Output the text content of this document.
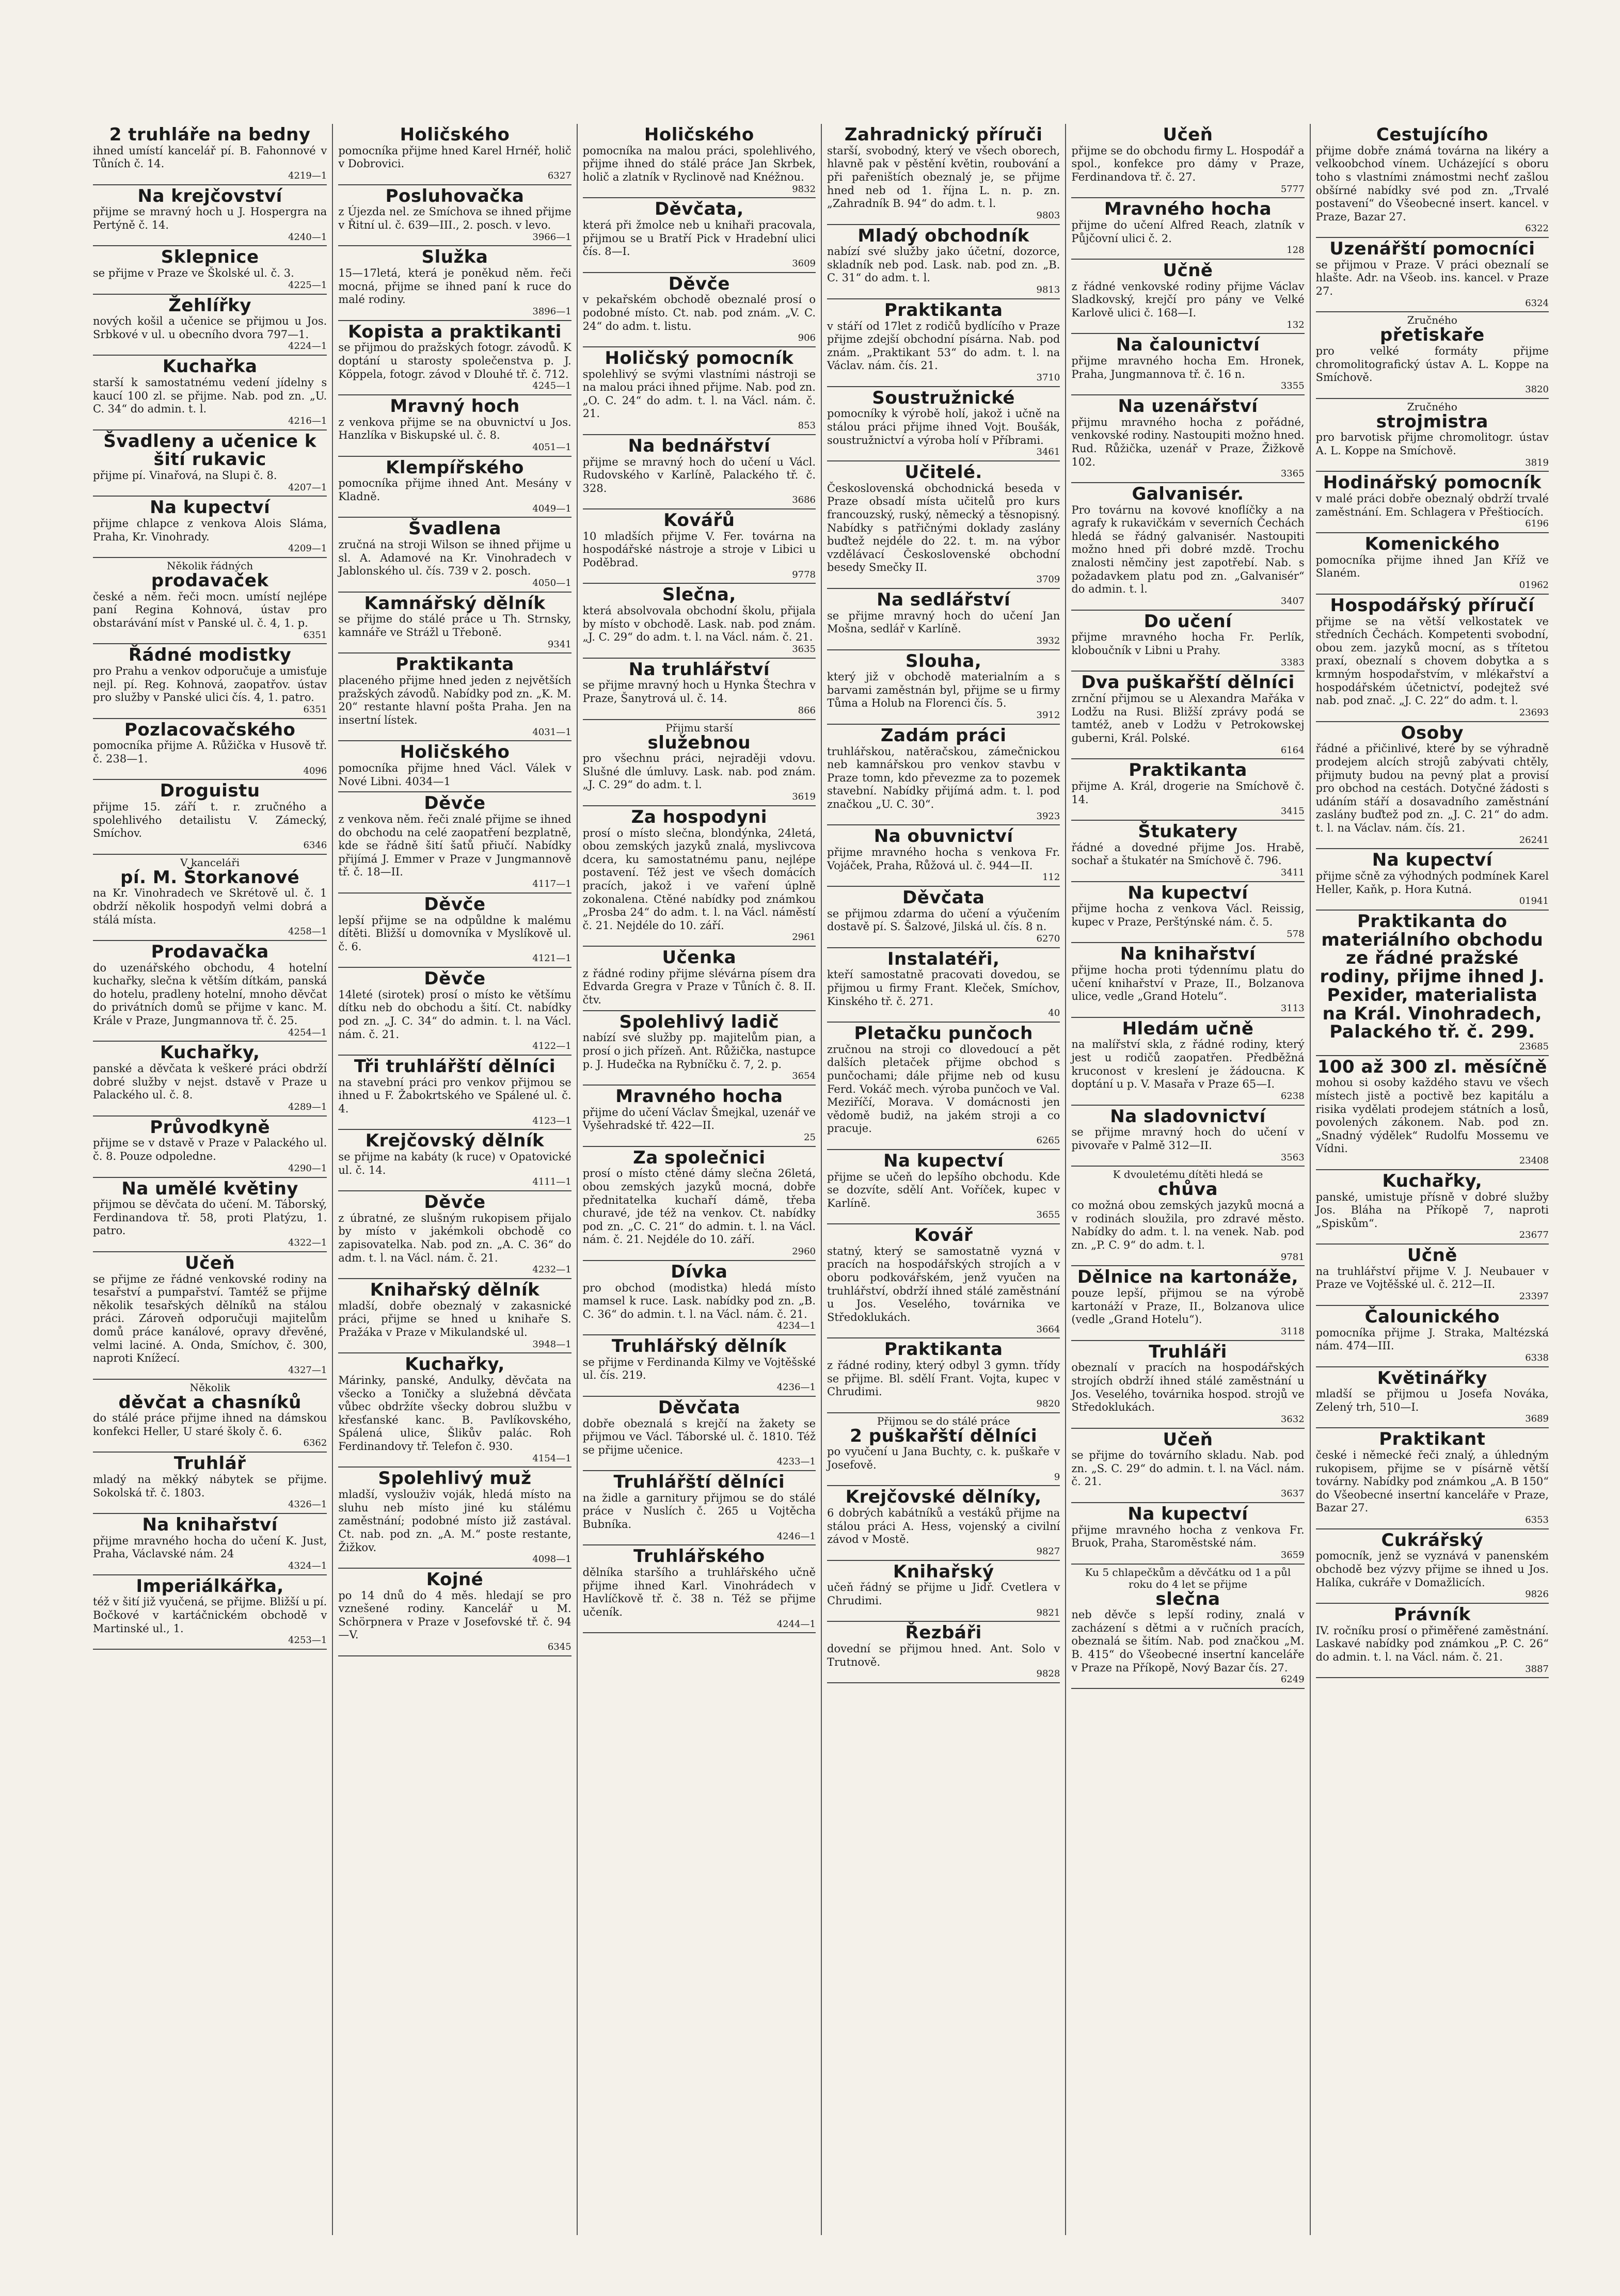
2 truhláře na bedny
ihned umístí kancelář pí. B. Fahonnové v Tůních č. 14.
4219—1
Na krejčovství
přijme se mravný hoch u J. Hospergra na Pertýně č. 14.
4240—1
Sklepnice
se přijme v Praze ve Školské ul. č. 3.
4225—1
Žehlířky
nových košil a učenice se přijmou u Jos. Srbkové v ul. u obecního dvora 797—1.
4224—1
Kuchařka
starší k samostatnému vedení jídelny s kaucí 100 zl. se přijme. Nab. pod zn. „U. C. 34“ do admin. t. l.
4216—1
Švadleny a učenice k šití rukavic
přijme pí. Vinařová, na Slupi č. 8.
4207—1
Na kupectví
přijme chlapce z venkova Alois Sláma, Praha, Kr. Vinohrady.
4209—1
Několik řádných
prodavaček
české a něm. řeči mocn. umístí nejlépe paní Regina Kohnová, ústav pro obstarávání míst v Panské ul. č. 4, 1. p.
6351
Řádné modistky
pro Prahu a venkov odporučuje a umisťuje nejl. pí. Reg. Kohnová, zaopatřov. ústav pro služby v Panské ulici čís. 4, 1. patro.
6351
Pozlacovačského
pomocníka přijme A. Růžička v Husově tř. č. 238—1.
4096
Droguistu
přijme 15. září t. r. zručného a spolehlivého detailistu V. Zámecký, Smíchov.
6346
V kanceláři
pí. M. Štorkanové
na Kr. Vinohradech ve Skrétově ul. č. 1 obdrží několik hospodyň velmi dobrá a stálá místa.
4258—1
Prodavačka
do uzenářského obchodu, 4 hotelní kuchařky, slečna k větším dítkám, panská do hotelu, pradleny hotelní, mnoho děvčat do privátních domů se přijme v kanc. M. Krále v Praze, Jungmannova tř. č. 25.
4254—1
Kuchařky,
panské a děvčata k veškeré práci obdrží dobré služby v nejst. dstavě v Praze u Palackého ul. č. 8.
4289—1
Průvodkyně
přijme se v dstavě v Praze v Palackého ul. č. 8. Pouze odpoledne.
4290—1
Na umělé květiny
přijmou se děvčata do učení. M. Táborský, Ferdinandova tř. 58, proti Platýzu, 1. patro.
4322—1
Učeň
se přijme ze řádné venkovské rodiny na tesařství a pumpařství. Tamtéž se přijme několik tesařských dělníků na stálou práci. Zároveň odporučuji majitelům domů práce kanálové, opravy dřevěné, velmi laciné. A. Onda, Smíchov, č. 300, naproti Knížecí.
4327—1
Několik
děvčat a chasníků
do stálé práce přijme ihned na dámskou konfekci Heller, U staré školy č. 6.
6362
Truhlář
mladý na měkký nábytek se přijme. Sokolská tř. č. 1803.
4326—1
Na knihařství
přijme mravného hocha do učení K. Just, Praha, Václavské nám. 24
4324—1
Imperiálkářka,
též v šití již vyučená, se přijme. Bližší u pí. Bočkové v kartáčnickém obchodě v Martinské ul., 1.
4253—1
Holičského
pomocníka přijme hned Karel Hrnéř, holič v Dobrovici.
6327
Posluhovačka
z Újezda nel. ze Smíchova se ihned přijme v Řitní ul. č. 639—III., 2. posch. v levo.
3966—1
Služka
15—17letá, která je poněkud něm. řeči mocná, přijme se ihned paní k ruce do malé rodiny.
3896—1
Kopista a praktikanti
se přijmou do pražských fotogr. závodů. K doptání u starosty společenstva p. J. Köppela, fotogr. závod v Dlouhé tř. č. 712.
4245—1
Mravný hoch
z venkova přijme se na obuvnictví u Jos. Hanzlíka v Biskupské ul. č. 8.
4051—1
Klempířského
pomocníka přijme ihned Ant. Mesány v Kladně.
4049—1
Švadlena
zručná na stroji Wilson se ihned přijme u sl. A. Adamové na Kr. Vinohradech v Jablonského ul. čís. 739 v 2. posch.
4050—1
Kamnářský dělník
se přijme do stálé práce u Th. Strnsky, kamnáře ve Strážl u Třeboně.
9341
Praktikanta
placeného přijme hned jeden z největších pražských závodů. Nabídky pod zn. „K. M. 20“ restante hlavní pošta Praha. Jen na insertní lístek.
4031—1
Holičského
pomocníka přijme hned Václ. Válek v Nové Libni. 4034—1
Děvče
z venkova něm. řeči znalé přijme se ihned do obchodu na celé zaopatření bezplatně, kde se řádně šití šatů přiučí. Nabídky přijímá J. Emmer v Praze v Jungmannově tř. č. 18—II.
4117—1
Děvče
lepší přijme se na odpůldne k malému dítěti. Bližší u domovníka v Myslíkově ul. č. 6.
4121—1
Děvče
14leté (sirotek) prosí o místo ke většímu dítku neb do obchodu a šití. Ct. nabídky pod zn. „J. C. 34“ do admin. t. l. na Václ. nám. č. 21.
4122—1
Tři truhlářští dělníci
na stavební práci pro venkov přijmou se ihned u F. Žabokrtského ve Spálené ul. č. 4.
4123—1
Krejčovský dělník
se přijme na kabáty (k ruce) v Opatovické ul. č. 14.
4111—1
Děvče
z úbratné, ze slušným rukopisem přijalo by místo v jakémkoli obchodě co zapisovatelka. Nab. pod zn. „A. C. 36“ do adm. t. l. na Václ. nám. č. 21.
4232—1
Knihařský dělník
mladší, dobře obeznalý v zakasnické práci, přijme se hned u knihaře S. Pražáka v Praze v Mikulandské ul.
3948—1
Kuchařky,
Márinky, panské, Andulky, děvčata na všecko a Toničky a služebná děvčata vůbec obdržíte všecky dobrou službu v křesťanské kanc. B. Pavlíkovského, Spálená ulice, Šlikův palác. Roh Ferdinandovy tř. Telefon č. 930.
4154—1
Spolehlivý muž
mladší, vyslouživ voják, hledá místo na sluhu neb místo jiné ku stálému zaměstnání; podobné místo již zastával. Ct. nab. pod zn. „A. M.“ poste restante, Žižkov.
4098—1
Kojné
po 14 dnů do 4 měs. hledají se pro vznešené rodiny. Kancelář u M. Schörpnera v Praze v Josefovské tř. č. 94—V.
6345
Holičského
pomocníka na malou práci, spolehlivého, přijme ihned do stálé práce Jan Skrbek, holič a zlatník v Ryclinově nad Knéžnou.
9832
Děvčata,
která při žmolce neb u knihaři pracovala, přijmou se u Bratří Pick v Hradební ulici čís. 8—I.
3609
Děvče
v pekařském obchodě obeznalé prosí o podobné místo. Ct. nab. pod znám. „V. C. 24“ do adm. t. listu.
906
Holičský pomocník
spolehlivý se svými vlastními nástroji se na malou práci ihned přijme. Nab. pod zn. „O. C. 24“ do adm. t. l. na Václ. nám. č. 21.
853
Na bednářství
přijme se mravný hoch do učení u Václ. Rudovského v Karlíně, Palackého tř. č. 328.
3686
Kovářů
10 mladších přijme V. Fer. továrna na hospodářské nástroje a stroje v Libici u Poděbrad.
9778
Slečna,
která absolvovala obchodní školu, přijala by místo v obchodě. Lask. nab. pod znám. „J. C. 29“ do adm. t. l. na Václ. nám. č. 21.
3635
Na truhlářství
se přijme mravný hoch u Hynka Štechra v Praze, Šanytrová ul. č. 14.
866
Přijmu starší
služebnou
pro všechnu práci, nejraději vdovu. Slušné dle úmluvy. Lask. nab. pod znám. „J. C. 29“ do adm. t. l.
3619
Za hospodyni
prosí o místo slečna, blondýnka, 24letá, obou zemských jazyků znalá, myslivcova dcera, ku samostatnému panu, nejlépe postavení. Též jest ve všech domácích pracích, jakož i ve vaření úplně zokonalena. Ctěné nabídky pod známkou „Prosba 24“ do adm. t. l. na Václ. náměstí č. 21. Nejdéle do 10. září.
2961
Učenka
z řádné rodiny přijme slévárna písem dra Edvarda Gregra v Praze v Tůních č. 8. II. čtv.
Spolehlivý ladič
nabízí své služby pp. majitelům pian, a prosí o jich přízeň. Ant. Růžička, nastupce p. J. Hudečka na Rybníčku č. 7, 2. p.
3654
Mravného hocha
přijme do učení Václav Šmejkal, uzenář ve Vyšehradské tř. 422—II.
25
Za společnici
prosí o místo ctěné dámy slečna 26letá, obou zemských jazyků mocná, dobře přednitatelka kuchaří dámě, třeba churavé, jde též na venkov. Ct. nabídky pod zn. „C. C. 21“ do admin. t. l. na Václ. nám. č. 21. Nejdéle do 10. září.
2960
Dívka
pro obchod (modistka) hledá místo mamsel k ruce. Lask. nabídky pod zn. „B. C. 36“ do admin. t. l. na Václ. nám. č. 21.
4234—1
Truhlářský dělník
se přijme v Ferdinanda Kilmy ve Vojtěšské ul. čís. 219.
4236—1
Děvčata
dobře obeznalá s krejčí na žakety se přijmou ve Václ. Táborské ul. č. 1810. Též se přijme učenice.
4233—1
Truhlářští dělníci
na židle a garnitury přijmou se do stálé práce v Nuslích č. 265 u Vojtěcha Bubníka.
4246—1
Truhlářského
dělníka staršího a truhlářského učně přijme ihned Karl. Vinohrádech v Havlíčkově tř. č. 38 n. Též se přijme učeník.
4244—1
Zahradnický příruči
starší, svobodný, který ve všech oborech, hlavně pak v pěstění květin, roubování a při pařeništích obeznalý je, se přijme hned neb od 1. října L. n. p. zn. „Zahradník B. 94“ do adm. t. l.
9803
Mladý obchodník
nabízí své služby jako účetní, dozorce, skladník neb pod. Lask. nab. pod zn. „B. C. 31“ do adm. t. l.
9813
Praktikanta
v stáří od 17let z rodičů bydlícího v Praze přijme zdejší obchodní písárna. Nab. pod znám. „Praktikant 53“ do adm. t. l. na Václav. nám. čís. 21.
3710
Soustružnické
pomocníky k výrobě holí, jakož i učně na stálou práci přijme ihned Vojt. Boušák, soustružnictví a výroba holí v Příbrami.
3461
Učitelé.
Československá obchodnická beseda v Praze obsadí místa učitelů pro kurs francouzský, ruský, německý a těsnopisný. Nabídky s patřičnými doklady zaslány buďtež nejdéle do 22. t. m. na výbor vzdělávací Československé obchodní besedy Smečky II.
3709
Na sedlářství
se přijme mravný hoch do učení Jan Mošna, sedlář v Karlíně.
3932
Slouha,
který již v obchodě materialním a s barvami zaměstnán byl, přijme se u firmy Tůma a Holub na Florenci čís. 5.
3912
Zadám práci
truhlářskou, natěračskou, zámečnickou neb kamnářskou pro venkov stavbu v Praze tomn, kdo převezme za to pozemek stavební. Nabídky přijímá adm. t. l. pod značkou „U. C. 30“.
3923
Na obuvnictví
přijme mravného hocha s venkova Fr. Vojáček, Praha, Růžová ul. č. 944—II.
112
Děvčata
se přijmou zdarma do učení a výučením dostavě pí. S. Šalzové, Jilská ul. čís. 8 n.
6270
Instalatéři,
kteří samostatně pracovati dovedou, se přijmou u firmy Frant. Kleček, Smíchov, Kinského tř. č. 271.
40
Pletačku punčoch
zručnou na stroji co dlovedoucí a pět dalších pletaček přijme obchod s punčochami; dále přijme neb od kusu Ferd. Vokáč mech. výroba punčoch ve Val. Meziříčí, Morava. V domácnosti jen vědomě budiž, na jakém stroji a co pracuje.
6265
Na kupectví
přijme se učeň do lepšího obchodu. Kde se dozvíte, sdělí Ant. Voříček, kupec v Karlíně.
3655
Kovář
statný, který se samostatně vyzná v pracích na hospodářských strojích a v oboru podkovářském, jenž vyučen na truhlářství, obdrží ihned stálé zaměstnání u Jos. Veselého, továrnika ve Středoklukách.
3664
Praktikanta
z řádné rodiny, který odbyl 3 gymn. třídy se přijme. Bl. sdělí Frant. Vojta, kupec v Chrudimi.
9820
Přijmou se do stálé práce
2 puškařští dělníci
po vyučení u Jana Buchty, c. k. puškaře v Josefově.
9
Krejčovské dělníky,
6 dobrých kabátníků a vestáků přijme na stálou práci A. Hess, vojenský a civilní závod v Mostě.
9827
Knihařský
učeň řádný se přijme u Jidř. Cvetlera v Chrudimi.
9821
Řezbáři
dovední se přijmou hned. Ant. Solo v Trutnově.
9828
Učeň
přijme se do obchodu firmy L. Hospodář a spol., konfekce pro dámy v Praze, Ferdinandova tř. č. 27.
5777
Mravného hocha
přijme do učení Alfred Reach, zlatník v Půjčovní ulici č. 2.
128
Učně
z řádné venkovské rodiny přijme Václav Sladkovský, krejčí pro pány ve Velké Karlově ulici č. 168—I.
132
Na čalounictví
přijme mravného hocha Em. Hronek, Praha, Jungmannova tř. č. 16 n.
3355
Na uzenářství
přijmu mravného hocha z pořádné, venkovské rodiny. Nastoupiti možno hned. Rud. Růžička, uzenář v Praze, Žižkově 102.
3365
Galvanisér.
Pro továrnu na kovové knoflíčky a na agrafy k rukavičkám v severních Čechách hledá se řádný galvanisér. Nastoupiti možno hned při dobré mzdě. Trochu znalosti němčiny jest zapotřebí. Nab. s požadavkem platu pod zn. „Galvanisér“ do admin. t. l.
3407
Do učení
přijme mravného hocha Fr. Perlík, kloboučník v Libni u Prahy.
3383
Dva puškařští dělníci
zrnční přijmou se u Alexandra Mařáka v Lodžu na Rusi. Bližší zprávy podá se tamtéž, aneb v Lodžu v Petrokowskej guberni, Král. Polské.
6164
Praktikanta
přijme A. Král, drogerie na Smíchově č. 14.
3415
Štukatery
řádné a dovedné přijme Jos. Hrabě, sochař a štukatér na Smíchově č. 796.
3411
Na kupectví
přijme hocha z venkova Václ. Reissig, kupec v Praze, Perštýnské nám. č. 5.
578
Na knihařství
přijme hocha proti týdennímu platu do učení knihařství v Praze, II., Bolzanova ulice, vedle „Grand Hotelu“.
3113
Hledám učně
na malířství skla, z řádné rodiny, který jest u rodičů zaopatřen. Předběžná kruconost v kreslení je žádoucna. K doptání u p. V. Masařa v Praze 65—I.
6238
Na sladovnictví
se přijme mravný hoch do učení v pivovaře v Palmě 312—II.
3563
K dvouletému dítěti hledá se
chůva
co možná obou zemských jazyků mocná a v rodinách sloužila, pro zdravé město. Nabídky do adm. t. l. na venek. Nab. pod zn. „P. C. 9“ do adm. t. l.
9781
Dělnice na kartonáže,
pouze lepší, přijmou se na výrobě kartonáží v Praze, II., Bolzanova ulice (vedle „Grand Hotelu“).
3118
Truhláři
obeznalí v pracích na hospodářských strojích obdrží ihned stálé zaměstnání u Jos. Veselého, továrnika hospod. strojů ve Středoklukách.
3632
Učeň
se přijme do továrního skladu. Nab. pod zn. „S. C. 29“ do admin. t. l. na Václ. nám. č. 21.
3637
Na kupectví
přijme mravného hocha z venkova Fr. Bruok, Praha, Staroměstské nám.
3659
Ku 5 chlapečkům a děvčátku od 1 a půl roku do 4 let se přijme
slečna
neb děvče s lepší rodiny, znalá v zacházení s dětmi a v ručních pracích, obeznalá se šitím. Nab. pod značkou „M. B. 415“ do Všeobecné insertní kanceláře v Praze na Příkopě, Nový Bazar čís. 27.
6249
Cestujícího
přijme dobře známá továrna na likéry a velkoobchod vínem. Ucházející s oboru toho s vlastními známostmi nechť zašlou obšírné nabídky své pod zn. „Trvalé postavení“ do Všeobecné insert. kancel. v Praze, Bazar 27.
6322
Uzenářští pomocníci
se přijmou v Praze. V práci obeznalí se hlašte. Adr. na Všeob. ins. kancel. v Praze 27.
6324
Zručného
přetiskaře
pro velké formáty přijme chromolitografický ústav A. L. Koppe na Smíchově.
3820
Zručného
strojmistra
pro barvotisk přijme chromolitogr. ústav A. L. Koppe na Smíchově.
3819
Hodinářský pomocník
v malé práci dobře obeznalý obdrží trvalé zaměstnání. Em. Schlagera v Přeštiocích.
6196
Komenického
pomocníka přijme ihned Jan Kříž ve Slaném.
01962
Hospodářský příručí
přijme se na větší velkostatek ve středních Čechách. Kompetenti svobodní, obou zem. jazyků mocní, as s třítetou praxí, obeznalí s chovem dobytka a s krmným hospodařstvím, v mlékařství a hospodářském účetnictví, podejtež své nab. pod znač. „J. C. 22“ do adm. t. l.
23693
Osoby
řádné a přičinlivé, které by se výhradně prodejem alcích strojů zabývati chtěly, přijmuty budou na pevný plat a provisí pro obchod na cestách. Dotyčné žádosti s udáním stáří a dosavadního zaměstnání zaslány buďtež pod zn. „J. C. 21“ do adm. t. l. na Václav. nám. čís. 21.
26241
Na kupectví
přijme sčně za výhodných podmínek Karel Heller, Kaňk, p. Hora Kutná.
01941
Praktikanta do materiálního obchodu ze řádné pražské rodiny, přijme ihned J. Pexider, materialista na Král. Vinohradech, Palackého tř. č. 299.
23685
100 až 300 zl. měsíčně
mohou si osoby každého stavu ve všech místech jistě a poctivě bez kapitálu a risika vydělati prodejem státních a losů, povolených zákonem. Nab. pod zn. „Snadný výdělek“ Rudolfu Mossemu ve Vídni.
23408
Kuchařky,
panské, umistuje přísně v dobré služby Jos. Bláha na Příkopě 7, naproti „Spiskům“.
23677
Učně
na truhlářství přijme V. J. Neubauer v Praze ve Vojtěšské ul. č. 212—II.
23397
Čalounického
pomocníka přijme J. Straka, Maltézská nám. 474—III.
6338
Květinářky
mladší se přijmou u Josefa Nováka, Zelený trh, 510—I.
3689
Praktikant
české i německé řeči znalý, a úhledným rukopisem, přijme se v písárně větší továrny. Nabídky pod známkou „A. B 150“ do Všeobecné insertní kanceláře v Praze, Bazar 27.
6353
Cukrářský
pomocník, jenž se vyznává v panenském obchodě bez výzvy přijme se ihned u Jos. Halíka, cukráře v Domažlicích.
9826
Právník
IV. ročníku prosí o přiměřené zaměstnání. Laskavé nabídky pod známkou „P. C. 26“ do admin. t. l. na Václ. nám. č. 21.
3887
